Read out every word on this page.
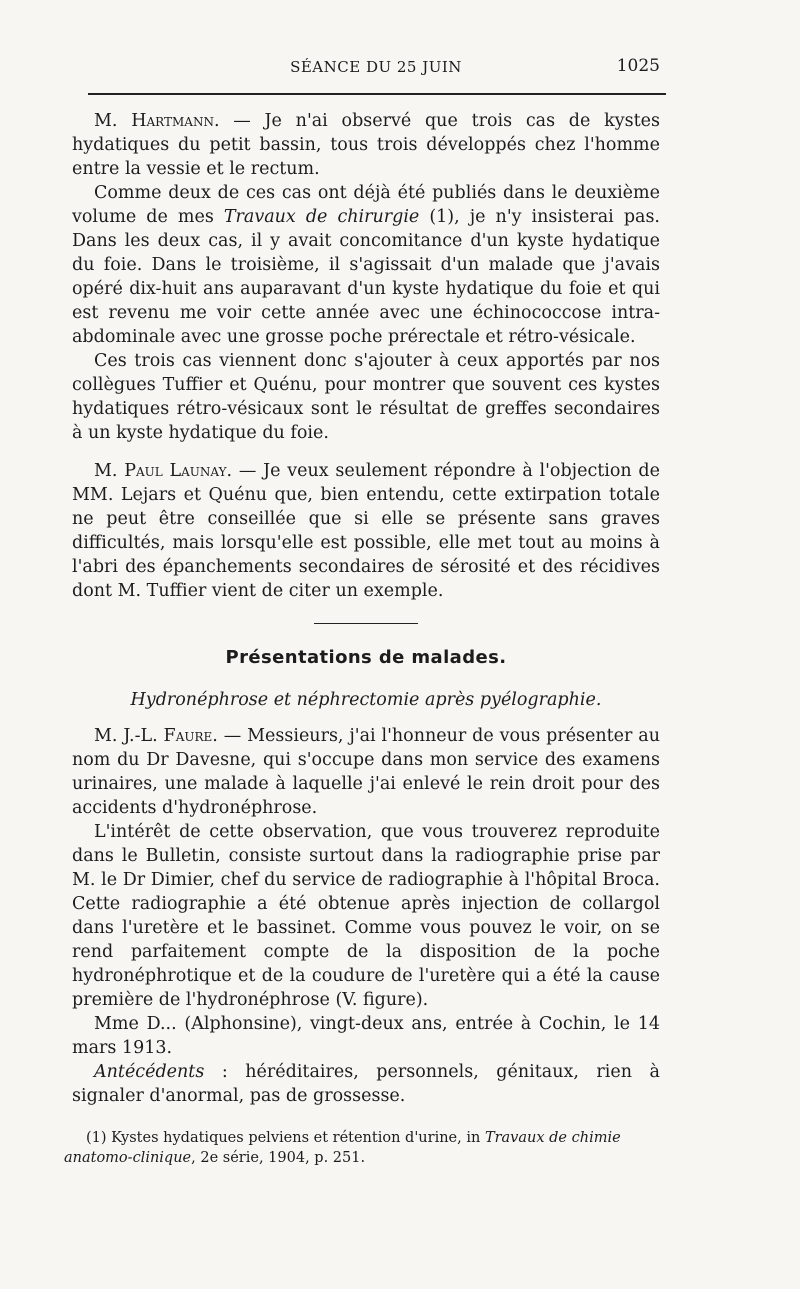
SÉANCE DU 25 JUIN	1025

M. Hartmann. — Je n'ai observé que trois cas de kystes hydatiques du petit bassin, tous trois développés chez l'homme entre la vessie et le rectum.

Comme deux de ces cas ont déjà été publiés dans le deuxième volume de mes Travaux de chirurgie (1), je n'y insisterai pas. Dans les deux cas, il y avait concomitance d'un kyste hydatique du foie. Dans le troisième, il s'agissait d'un malade que j'avais opéré dix-huit ans auparavant d'un kyste hydatique du foie et qui est revenu me voir cette année avec une échinococcose intra-abdominale avec une grosse poche prérectale et rétro-vésicale.

Ces trois cas viennent donc s'ajouter à ceux apportés par nos collègues Tuffier et Quénu, pour montrer que souvent ces kystes hydatiques rétro-vésicaux sont le résultat de greffes secondaires à un kyste hydatique du foie.

M. Paul Launay. — Je veux seulement répondre à l'objection de MM. Lejars et Quénu que, bien entendu, cette extirpation totale ne peut être conseillée que si elle se présente sans graves difficultés, mais lorsqu'elle est possible, elle met tout au moins à l'abri des épanchements secondaires de sérosité et des récidives dont M. Tuffier vient de citer un exemple.

Présentations de malades.
Hydronéphrose et néphrectomie après pyélographie.

M. J.-L. Faure. — Messieurs, j'ai l'honneur de vous présenter au nom du Dr Davesne, qui s'occupe dans mon service des examens urinaires, une malade à laquelle j'ai enlevé le rein droit pour des accidents d'hydronéphrose.

L'intérêt de cette observation, que vous trouverez reproduite dans le Bulletin, consiste surtout dans la radiographie prise par M. le Dr Dimier, chef du service de radiographie à l'hôpital Broca. Cette radiographie a été obtenue après injection de collargol dans l'uretère et le bassinet. Comme vous pouvez le voir, on se rend parfaitement compte de la disposition de la poche hydronéphrotique et de la coudure de l'uretère qui a été la cause première de l'hydronéphrose (V. figure).

Mme D... (Alphonsine), vingt-deux ans, entrée à Cochin, le 14 mars 1913.

Antécédents : héréditaires, personnels, génitaux, rien à signaler d'anormal, pas de grossesse.

(1) Kystes hydatiques pelviens et rétention d'urine, in Travaux de chimie anatomo-clinique, 2e série, 1904, p. 251.
